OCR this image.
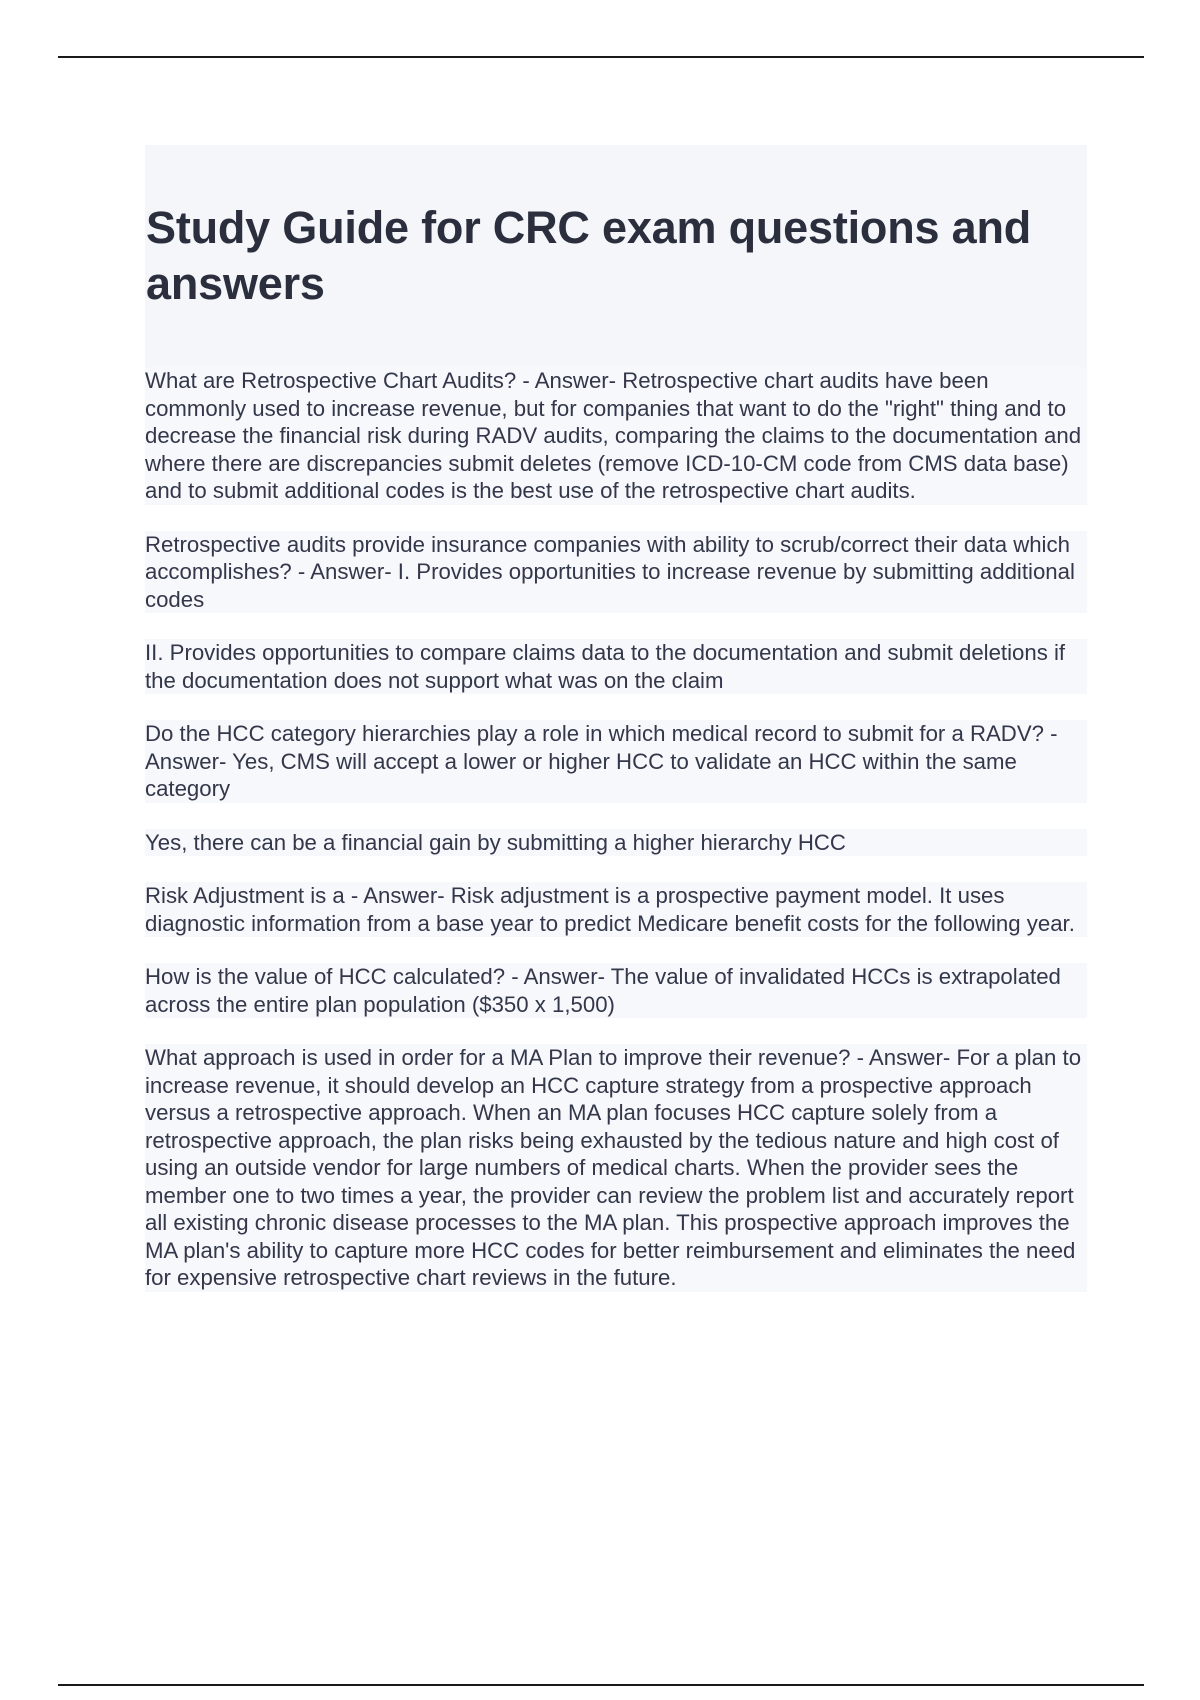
Study Guide for CRC exam questions and answers

What are Retrospective Chart Audits? - Answer- Retrospective chart audits have been commonly used to increase revenue, but for companies that want to do the "right" thing and to decrease the financial risk during RADV audits, comparing the claims to the documentation and where there are discrepancies submit deletes (remove ICD-10-CM code from CMS data base) and to submit additional codes is the best use of the retrospective chart audits.

Retrospective audits provide insurance companies with ability to scrub/correct their data which accomplishes? - Answer- I. Provides opportunities to increase revenue by submitting additional codes

II. Provides opportunities to compare claims data to the documentation and submit deletions if the documentation does not support what was on the claim

Do the HCC category hierarchies play a role in which medical record to submit for a RADV? - Answer- Yes, CMS will accept a lower or higher HCC to validate an HCC within the same category

Yes, there can be a financial gain by submitting a higher hierarchy HCC

Risk Adjustment is a - Answer- Risk adjustment is a prospective payment model. It uses diagnostic information from a base year to predict Medicare benefit costs for the following year.

How is the value of HCC calculated? - Answer- The value of invalidated HCCs is extrapolated across the entire plan population ($350 x 1,500)

What approach is used in order for a MA Plan to improve their revenue? - Answer- For a plan to increase revenue, it should develop an HCC capture strategy from a prospective approach versus a retrospective approach. When an MA plan focuses HCC capture solely from a retrospective approach, the plan risks being exhausted by the tedious nature and high cost of using an outside vendor for large numbers of medical charts. When the provider sees the member one to two times a year, the provider can review the problem list and accurately report all existing chronic disease processes to the MA plan. This prospective approach improves the MA plan's ability to capture more HCC codes for better reimbursement and eliminates the need for expensive retrospective chart reviews in the future.
